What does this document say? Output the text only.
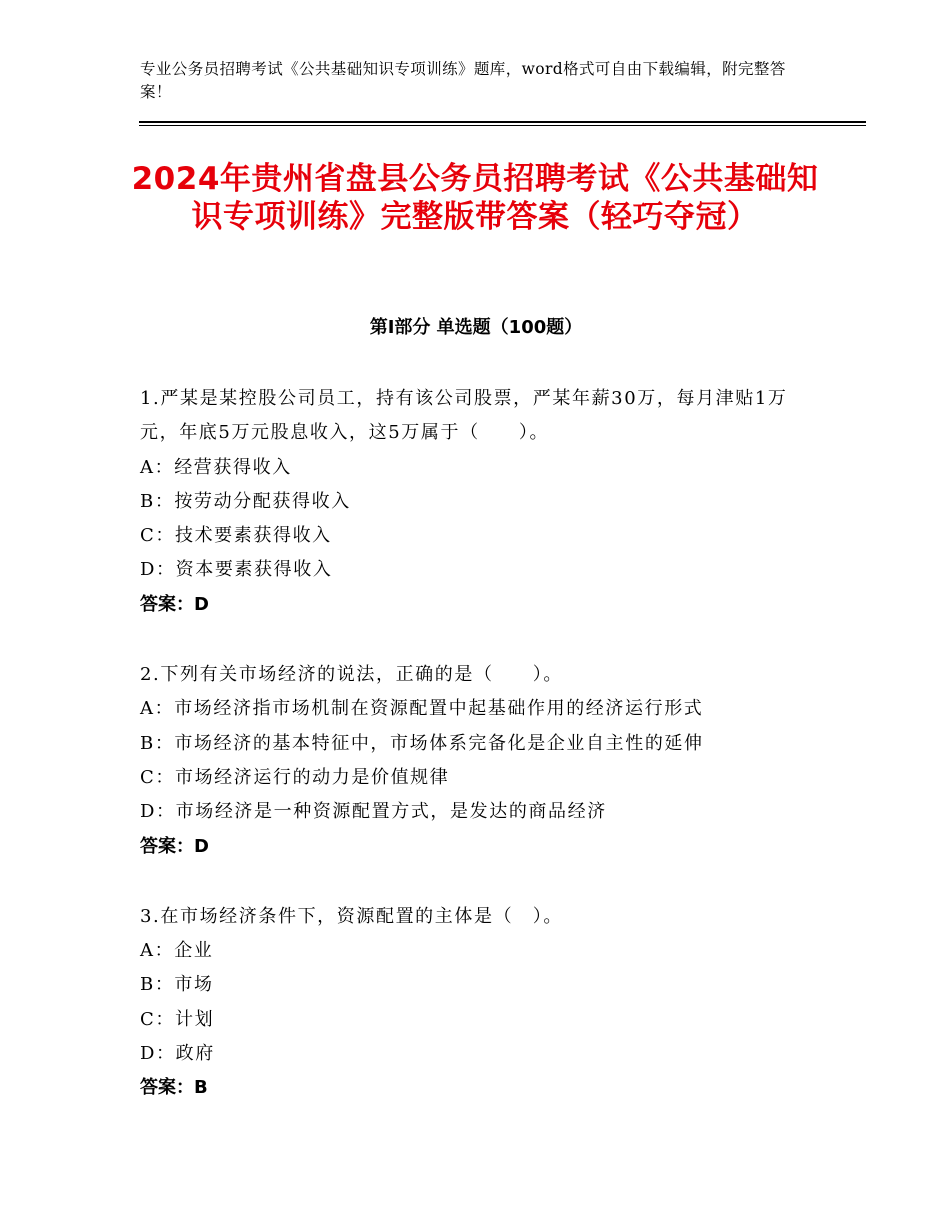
专业公务员招聘考试《公共基础知识专项训练》题库，word格式可自由下载编辑，附完整答案！
2024年贵州省盘县公务员招聘考试《公共基础知识专项训练》完整版带答案（轻巧夺冠）
第I部分 单选题（100题）
1.严某是某控股公司员工，持有该公司股票，严某年薪30万，每月津贴1万元，年底5万元股息收入，这5万属于（　　）。
A：经营获得收入
B：按劳动分配获得收入
C：技术要素获得收入
D：资本要素获得收入
答案：D
2.下列有关市场经济的说法，正确的是（　　）。
A：市场经济指市场机制在资源配置中起基础作用的经济运行形式
B：市场经济的基本特征中，市场体系完备化是企业自主性的延伸
C：市场经济运行的动力是价值规律
D：市场经济是一种资源配置方式，是发达的商品经济
答案：D
3.在市场经济条件下，资源配置的主体是（　）。
A：企业
B：市场
C：计划
D：政府
答案：B
